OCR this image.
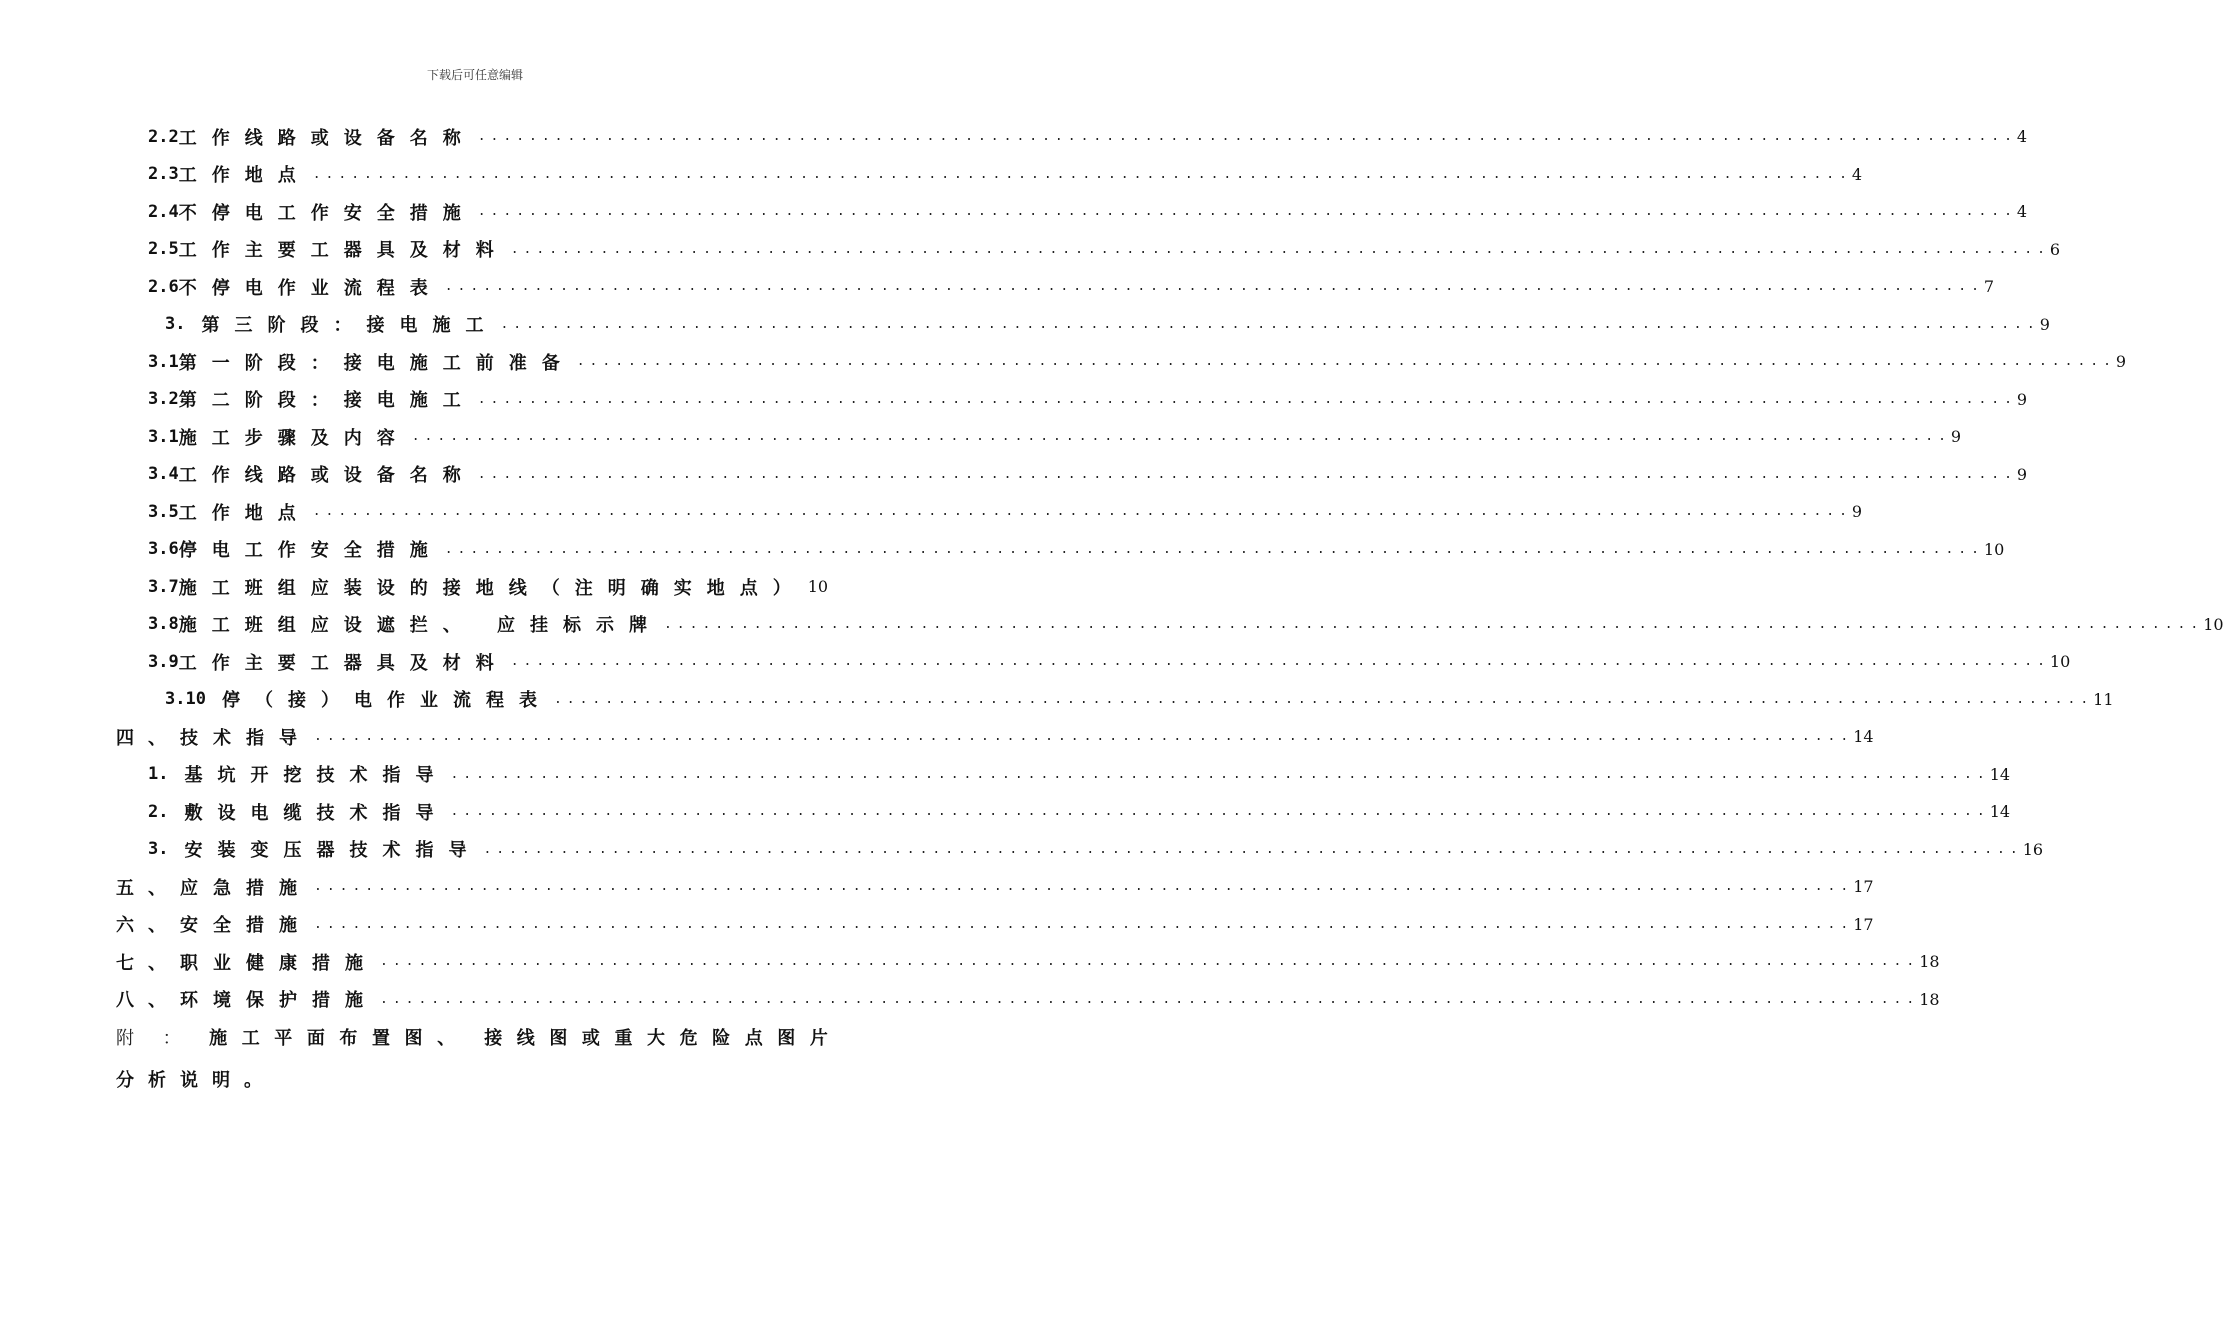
下载后可任意编辑
2.2 工作线路或设备名称 ........................................................................................................................ 4
2.3 工作地点 ........................................................................................................................ 4
2.4 不停电工作安全措施 ........................................................................................................................ 4
2.5 工作主要工器具及材料 ........................................................................................................................ 6
2.6 不停电作业流程表 ........................................................................................................................ 7
3. 第三阶段：接电施工 ........................................................................................................................ 9
3.1 第一阶段：接电施工前准备 ........................................................................................................................ 9
3.2 第二阶段：接电施工 ........................................................................................................................ 9
3.1 施工步骤及内容 ........................................................................................................................ 9
3.4 工作线路或设备名称 ........................................................................................................................ 9
3.5 工作地点 ........................................................................................................................ 9
3.6 停电工作安全措施 ........................................................................................................................ 10
3.7 施工班组应装设的接地线（注明确实地点） 10
3.8 施工班组应设遮拦、 应挂标示牌 ........................................................................................................................ 10
3.9 工作主要工器具及材料 ........................................................................................................................ 10
3.10 停（接）电作业流程表 ........................................................................................................................ 11
四、 技术指导 ........................................................................................................................ 14
1. 基坑开挖技术指导 ........................................................................................................................ 14
2. 敷设电缆技术指导 ........................................................................................................................ 14
3. 安装变压器技术指导 ........................................................................................................................ 16
五、 应急措施 ........................................................................................................................ 17
六、 安全措施 ........................................................................................................................ 17
七、 职业健康措施 ........................................................................................................................ 18
八、 环境保护措施 ........................................................................................................................ 18
附 ： 施 工 平 面 布 置 图 、 接 线 图 或 重 大 危 险 点 图 片
分析说明。
